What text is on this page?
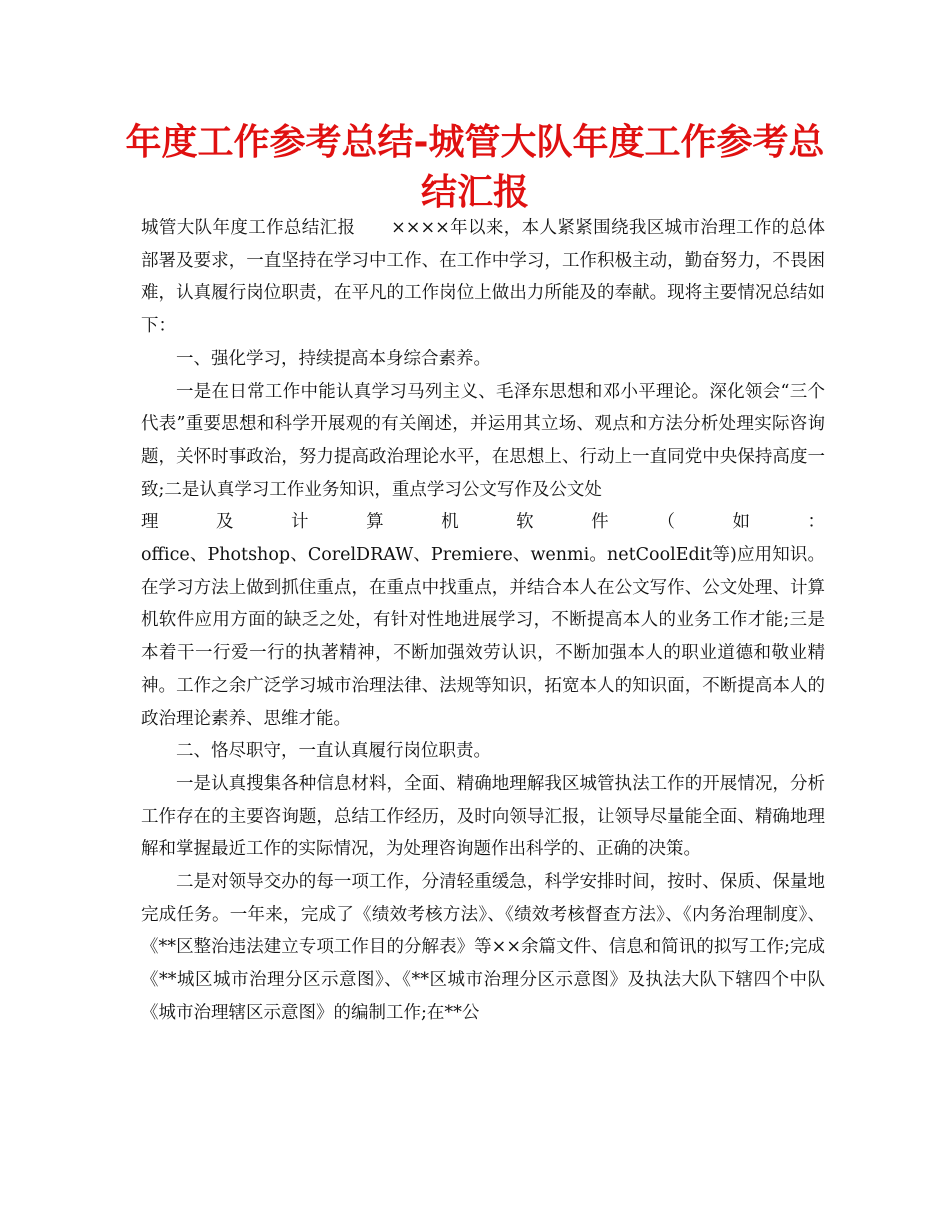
年度工作参考总结-城管大队年度工作参考总结汇报

城管大队年度工作总结汇报　　××××年以来，本人紧紧围绕我区城市治理工作的总体部署及要求，一直坚持在学习中工作、在工作中学习，工作积极主动，勤奋努力，不畏困难，认真履行岗位职责，在平凡的工作岗位上做出力所能及的奉献。现将主要情况总结如下：

一、强化学习，持续提高本身综合素养。

一是在日常工作中能认真学习马列主义、毛泽东思想和邓小平理论。深化领会“三个代表”重要思想和科学开展观的有关阐述，并运用其立场、观点和方法分析处理实际咨询题，关怀时事政治，努力提高政治理论水平，在思想上、行动上一直同党中央保持高度一致;二是认真学习工作业务知识，重点学习公文写作及公文处

理　及　计　算　机　软　件　（　如　：

office、Photshop、CorelDRAW、Premiere、wenmi。netCoolEdit等)应用知识。在学习方法上做到抓住重点，在重点中找重点，并结合本人在公文写作、公文处理、计算机软件应用方面的缺乏之处，有针对性地进展学习，不断提高本人的业务工作才能;三是本着干一行爱一行的执著精神，不断加强效劳认识，不断加强本人的职业道德和敬业精神。工作之余广泛学习城市治理法律、法规等知识，拓宽本人的知识面，不断提高本人的政治理论素养、思维才能。

二、恪尽职守，一直认真履行岗位职责。

一是认真搜集各种信息材料，全面、精确地理解我区城管执法工作的开展情况，分析工作存在的主要咨询题，总结工作经历，及时向领导汇报，让领导尽量能全面、精确地理解和掌握最近工作的实际情况，为处理咨询题作出科学的、正确的决策。

二是对领导交办的每一项工作，分清轻重缓急，科学安排时间，按时、保质、保量地完成任务。一年来，完成了《绩效考核方法》、《绩效考核督查方法》、《内务治理制度》、《**区整治违法建立专项工作目的分解表》等××余篇文件、信息和简讯的拟写工作;完成《**城区城市治理分区示意图》、《**区城市治理分区示意图》及执法大队下辖四个中队《城市治理辖区示意图》的编制工作;在**公
